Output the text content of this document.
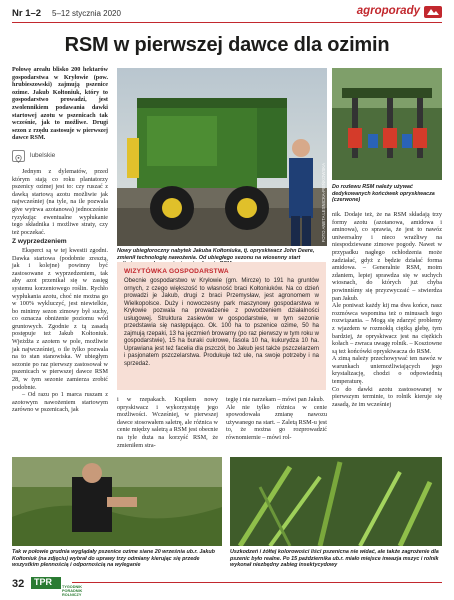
Nr 1–2 5–12 stycznia 2020	agroporady
RSM w pierwszej dawce dla ozimin
Połowę areału blisko 200 hektarów gospodarstwa w Kryłowie (pow. hrubieszowski) zajmują pszenice ozime. Jakub Kołtoniuk, który to gospodarstwo prowadzi, jest zwolennikiem podawania dawki startowej azotu w pszenicach tak wcześnie, jak to możliwe. Drugi sezon z rzędu zastosuje w pierwszej dawce RSM.
lubelskie

Jednym z dylematów, przed którym stają co roku plantatorzy pszenicy ozimej jest to: czy ruszać z dawką startową azotu możliwie jak najwcześniej (na tyle, na ile pozwala give wytrwa azotanowa) jednocześnie ryzykując ewentualne wypłukanie tego składnika i możliwe straty, czy też poczekać.

Z wyprzedzeniem

Eksperci są w tej kwestii zgodni. Dawka startowa (podobnie zresztą, jak i kolejne) powinny być zastosowane z wyprzedzeniem, tak aby azot przenikał się w zasięg systemu korzeniowego roślin. Rychło wypłukania azotu, choć nie można go w 100% wykluczyć, jest niewielkie, bo minimy sezon zimowy był suchy, co oznacza obniżenie poziomu wód gruntowych. Zgodnie z tą zasadą postępuje też Jakub Kołtoniuk. Wjeżdża z azotem w pole, możliwie jak najwcześniej, o ile tylko pozwala na to stan stanowiska. W ubiegłym sezonie po raz pierwszy zastosował w pszenicach w pierwszej dawce RSM 28, w tym sezonie zamierza zrobić podobnie.

– Od razu po 1 marca ruszam z azotowym nawożeniem startowym zarówno w pszenicach, jak

FOTO ANETA LESNICKA-PIEŃKOWSKA
Nowy ubiegłoroczny nabytek Jakuba Kołtoniuka, tj. opryskiwacz John Deere, zmienił technologię nawożenia. Od ubiegłego sezonu na wiosenny start
Do rozlewu RSM należy używać dedykowanych końcówek opryskiwacza (czerwone)
nik. Dodaje też, że na RSM składają trzy formy azotu (azotanowa, amidowa i aminowa), co sprawia, że jest to nawóz uniwersalny i nieco wrażliwy na niespodziewane zimowe pogody. Nawet w przypadku nagłego ochłodzenia może zadziałać, gdyż z będzie działać forma amidowa. – Generalnie RSM, moim zdaniem, lepiej sprawdza się w suchych wiosnach, do których już chyba powinniśmy się przyzwyczaić – stwierdza pan Jakub.
Ale poniważ każdy kij ma dwa końce, nasz rozmówca wspomina też o minusach tego rozwiązania. – Mogą się zdarzyć problemy z wjazdem w rozmokłą ciężką glebę, tym bardziej, że opryskiwacz jest na ciężkich kołach – zwraca uwagę rolnik. – Kosztowne są też końcówki opryskiwacza do RSM.
A zimą należy przechowywać ten nawóz w warunkach uniemożliwiających jego krystalizację, chodzi o odpowiednią temperaturę.
Co do dawki azotu zastosowanej w pierwszym terminie, to rolnik kieruje się zasadą, że im wcześniej
WIZYTÓWKA GOSPODARSTWA
Obecnie gospodarstwo w Kryłowie (gm. Mircze) to 191 ha gruntów ornych, z czego większość to własność braci Kołtoniuków. Na co dzień prowadzi je Jakub, drugi z braci Przemysław, jest agronomem w Wielkopolsce. Duży i nowoczesny park maszynowy gospodarstwa w Kryłowie pozwala na prowadzenie z powodzeniem działalności usługowej. Struktura zasiewów w gospodarstwie, w tym sezonie przedstawia się następująco. Ok. 100 ha to pszenice ozime, 50 ha zajmują rzepaki, 13 ha jęczmień browarny (po raz pierwszy w tym roku w gospodarstwie), 15 ha buraki cukrowe, fasola 10 ha, kukurydza 10 ha. Uprawiana jest też facelia dla pszczół, bo Jakub jest także pszczelarzem i pasjonatem pszczelarstwa. Produkuje też ule, na swoje potrzeby i na sprzedaż.
i w rzepakach. Kupiłem nowy opryskiwacz i wykorzystuję jego możliwości. Wcześniej, w pierwszej dawce stosowałem saletrę, ale różnica w cenie między saletrą a RSM jest obecnie na tyle duża na korzyść RSM, że zmieniłem stra-
tegię i nie narzekam – mówi pan Jakub.
Ale nie tylko różnica w cenie spowodowała zmianę nawozu używanego na start. – Zaletą RSM-u jest to, że można go rozprowadzić równomiernie – mówi rol-
Tak w połowie grudnia wyglądały pszenice ozime siane 20 września ub.r. Jakub Kołtoniuk (na zdjęciu) wybrał do uprawy trzy odmiany kierując się przede wszystkim plennością i odpornością na wyleganie
Uszkodzeń i żółtej kolorowości liści pszenicna nie widać, ale także zagrożenie dla pszenic było realne. Po 15 października ub.r. miało miejsce inwazja mszyc i rolnik wykonał niezbędny zabieg insektycydowy
32 TPR	TYGODNIK PORADNIK ROLNICZY
